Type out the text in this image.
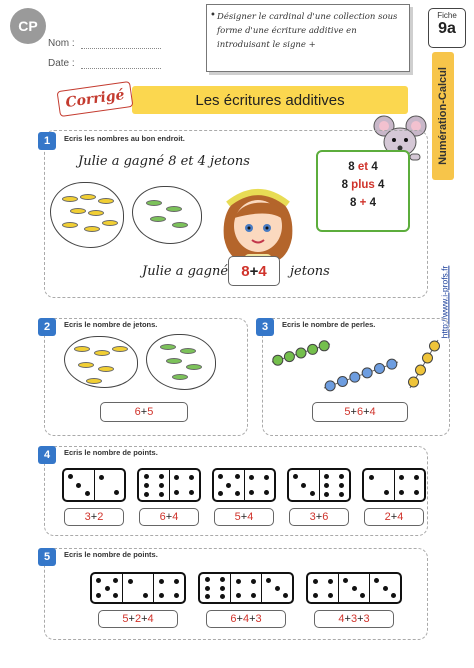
CP
Nom :
Date :
• Désigner le cardinal d'une collection sous forme d'une écriture additive en introduisant le signe +
Fiche
9a
Numération-Calcul
http://www.i-profs.fr
Les écritures additives
Corrigé
1	Ecris les nombres au bon endroit.
Julie a gagné 8 et 4 jetons	8 et 4
8 plus 4
8 + 4
Julie a gagné 8 + 4 jetons
2	Ecris le nombre de jetons.
6 + 5
3	Ecris le nombre de perles.
5 + 6 + 4
4	Ecris le nombre de points.
3 + 2	6 + 4	5 + 4	3 + 6	2 + 4
5	Ecris le nombre de points.
5 + 2 + 4	6 + 4 + 3	4 + 3 + 3
